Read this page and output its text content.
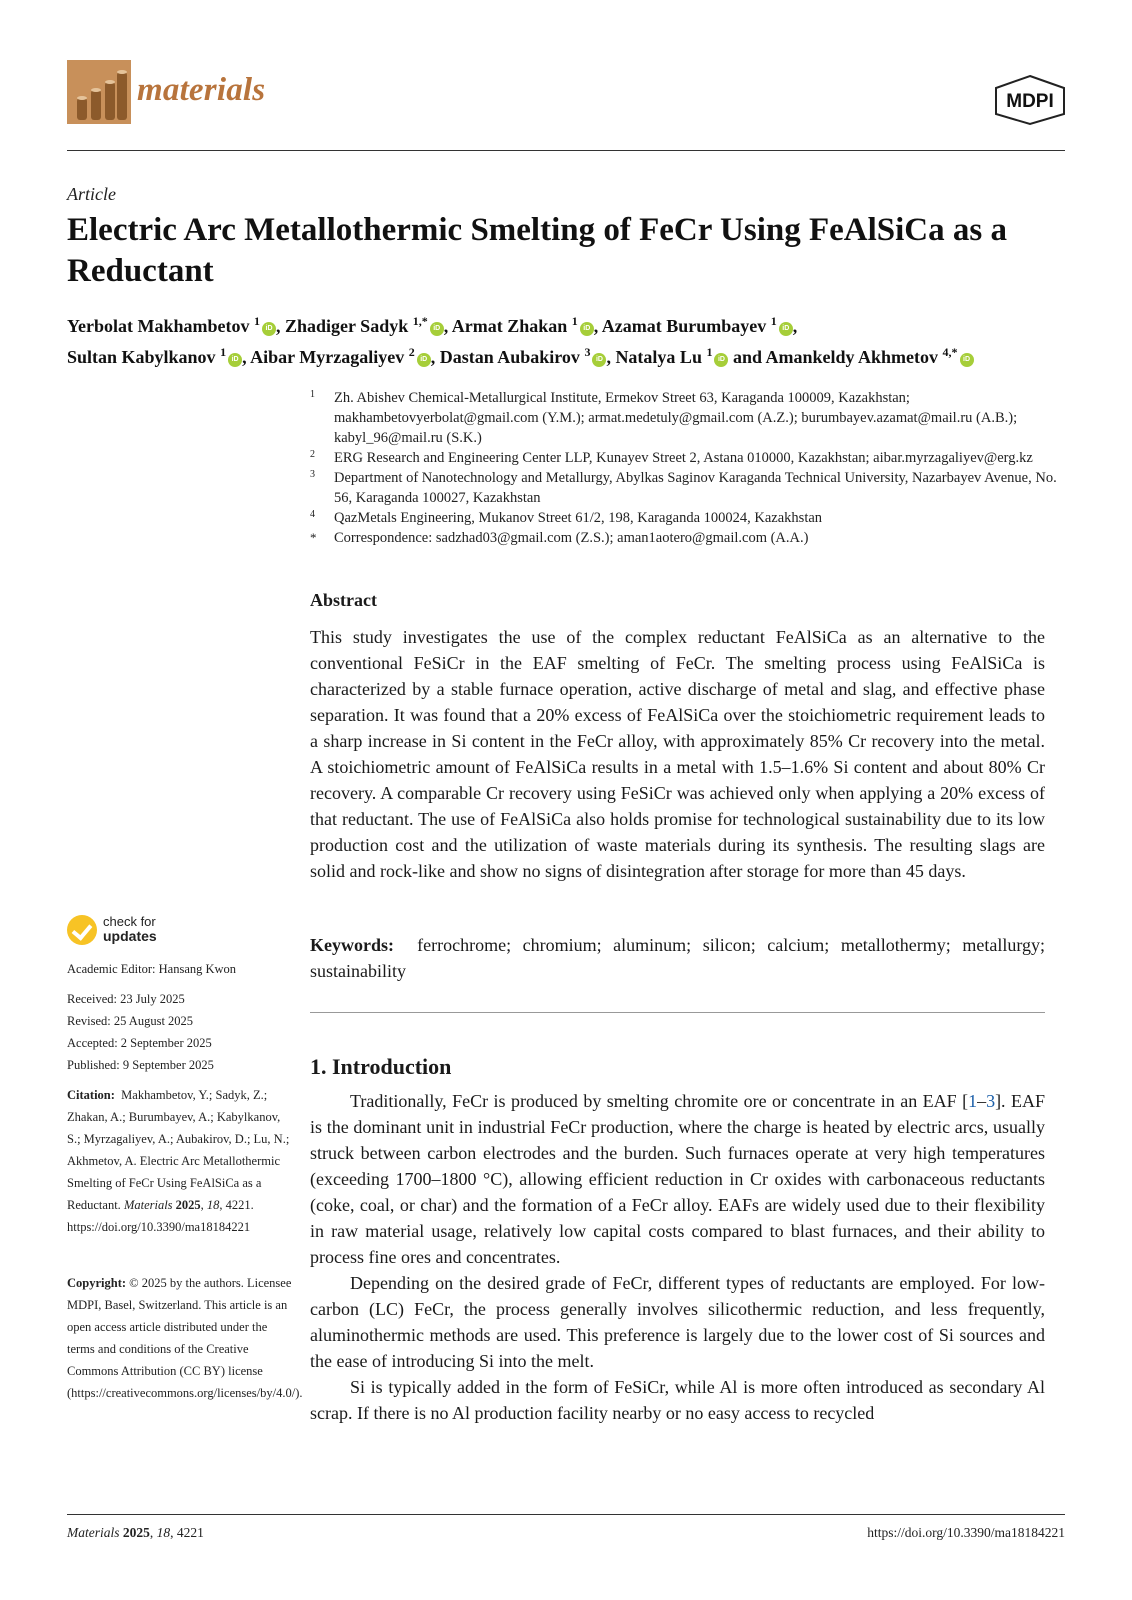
materials	MDPI
Article
Electric Arc Metallothermic Smelting of FeCr Using FeAlSiCa as a Reductant
Yerbolat Makhambetov $^1$iD , Zhadiger Sadyk $^{1,*}$iD , Armat Zhakan $^1$iD , Azamat Burumbayev $^1$iD ,
Sultan Kabylkanov $^1$iD , Aibar Myrzagaliyev $^2$iD , Dastan Aubakirov $^3$iD , Natalya Lu $^1$iD and Amankeldy Akhmetov $^{4,*}$iD
1 Zh. Abishev Chemical-Metallurgical Institute, Ermekov Street 63, Karaganda 100009, Kazakhstan; makhambetovyerbolat@gmail.com (Y.M.); armat.medetuly@gmail.com (A.Z.); burumbayev.azamat@mail.ru (A.B.); kabyl_96@mail.ru (S.K.)
2 ERG Research and Engineering Center LLP, Kunayev Street 2, Astana 010000, Kazakhstan; aibar.myrzagaliyev@erg.kz
3 Department of Nanotechnology and Metallurgy, Abylkas Saginov Karaganda Technical University, Nazarbayev Avenue, No. 56, Karaganda 100027, Kazakhstan
4 QazMetals Engineering, Mukanov Street 61/2, 198, Karaganda 100024, Kazakhstan
* Correspondence: sadzhad03@gmail.com (Z.S.); aman1aotero@gmail.com (A.A.)
Abstract
This study investigates the use of the complex reductant FeAlSiCa as an alternative to the conventional FeSiCr in the EAF smelting of FeCr. The smelting process using FeAlSiCa is characterized by a stable furnace operation, active discharge of metal and slag, and effective phase separation. It was found that a 20% excess of FeAlSiCa over the stoichiometric requirement leads to a sharp increase in Si content in the FeCr alloy, with approximately 85% Cr recovery into the metal. A stoichiometric amount of FeAlSiCa results in a metal with 1.5–1.6% Si content and about 80% Cr recovery. A comparable Cr recovery using FeSiCr was achieved only when applying a 20% excess of that reductant. The use of FeAlSiCa also holds promise for technological sustainability due to its low production cost and the utilization of waste materials during its synthesis. The resulting slags are solid and rock-like and show no signs of disintegration after storage for more than 45 days.
Keywords: ferrochrome; chromium; aluminum; silicon; calcium; metallothermy; metallurgy; sustainability
check for
updates
Academic Editor: Hansang Kwon
Received: 23 July 2025
Revised: 25 August 2025
Accepted: 2 September 2025
Published: 9 September 2025
Citation: Makhambetov, Y.; Sadyk, Z.; Zhakan, A.; Burumbayev, A.; Kabylkanov, S.; Myrzagaliyev, A.; Aubakirov, D.; Lu, N.; Akhmetov, A. Electric Arc Metallothermic Smelting of FeCr Using FeAlSiCa as a Reductant. Materials 2025, 18, 4221. https://doi.org/10.3390/ma18184221
Copyright: © 2025 by the authors. Licensee MDPI, Basel, Switzerland. This article is an open access article distributed under the terms and conditions of the Creative Commons Attribution (CC BY) license (https://creativecommons.org/licenses/by/4.0/).
1. Introduction

Traditionally, FeCr is produced by smelting chromite ore or concentrate in an EAF [1–3]. EAF is the dominant unit in industrial FeCr production, where the charge is heated by electric arcs, usually struck between carbon electrodes and the burden. Such furnaces operate at very high temperatures (exceeding 1700–1800 °C), allowing efficient reduction in Cr oxides with carbonaceous reductants (coke, coal, or char) and the formation of a FeCr alloy. EAFs are widely used due to their flexibility in raw material usage, relatively low capital costs compared to blast furnaces, and their ability to process fine ores and concentrates.

Depending on the desired grade of FeCr, different types of reductants are employed. For low-carbon (LC) FeCr, the process generally involves silicothermic reduction, and less frequently, aluminothermic methods are used. This preference is largely due to the lower cost of Si sources and the ease of introducing Si into the melt.

Si is typically added in the form of FeSiCr, while Al is more often introduced as secondary Al scrap. If there is no Al production facility nearby or no easy access to recycled

Materials 2025, 18, 4221	https://doi.org/10.3390/ma18184221
